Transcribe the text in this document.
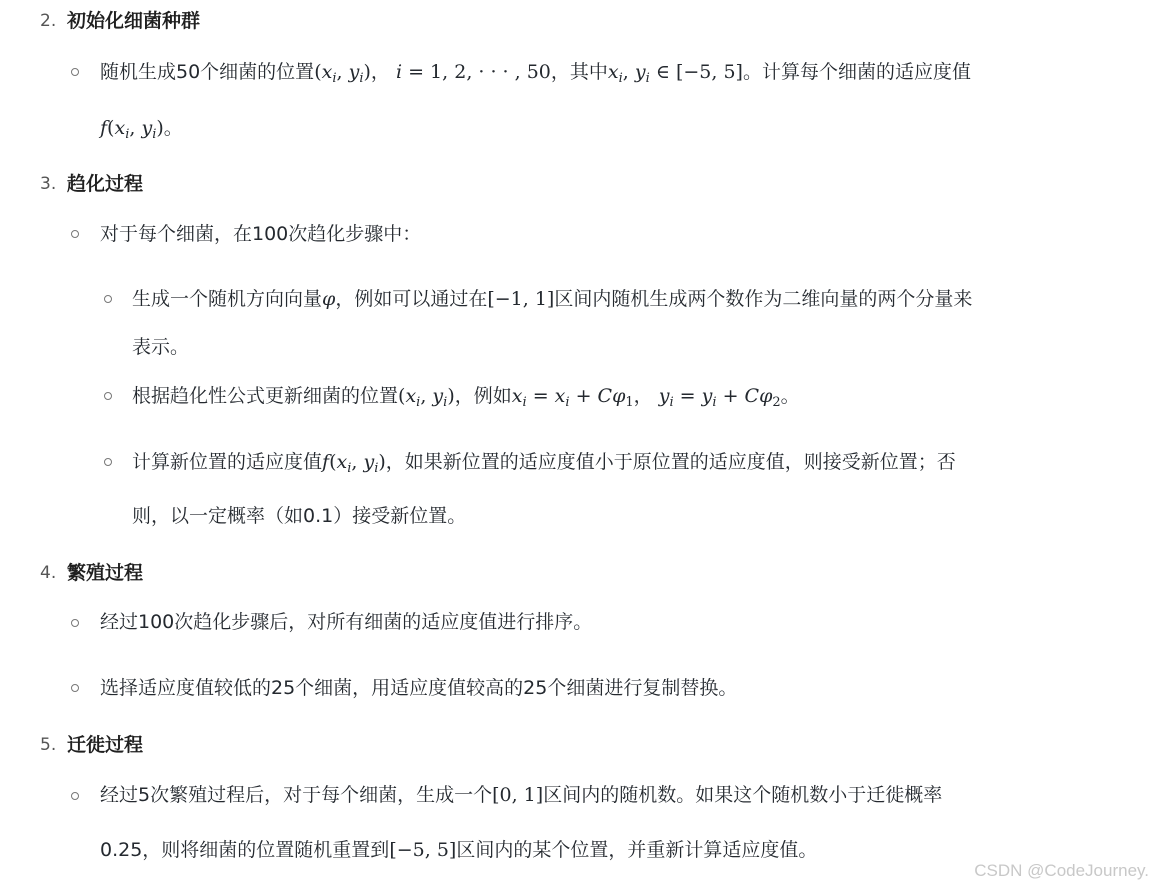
2. 初始化细菌种群
随机生成50个细菌的位置($x_i$, $y_i$)， i = 1, 2, · · · , 50，其中$x_i$, $y_i$ ∈ [−5, 5]。计算每个细菌的适应度值
$f(x_i$, $y_i$)。
3. 趋化过程
对于每个细菌，在100次趋化步骤中：
生成一个随机方向向量φ，例如可以通过在[−1, 1]区间内随机生成两个数作为二维向量的两个分量来
表示。
根据趋化性公式更新细菌的位置($x_i$, $y_i$)，例如$x_i = x_i + C\varphi_1$， $y_i = y_i + C\varphi_2$。
计算新位置的适应度值$f(x_i$, $y_i$)，如果新位置的适应度值小于原位置的适应度值，则接受新位置；否
则，以一定概率（如0.1）接受新位置。
4. 繁殖过程
经过100次趋化步骤后，对所有细菌的适应度值进行排序。
选择适应度值较低的25个细菌，用适应度值较高的25个细菌进行复制替换。
5. 迁徙过程
经过5次繁殖过程后，对于每个细菌，生成一个[0, 1]区间内的随机数。如果这个随机数小于迁徙概率
0.25，则将细菌的位置随机重置到[−5, 5]区间内的某个位置，并重新计算适应度值。
CSDN @CodeJourney.
